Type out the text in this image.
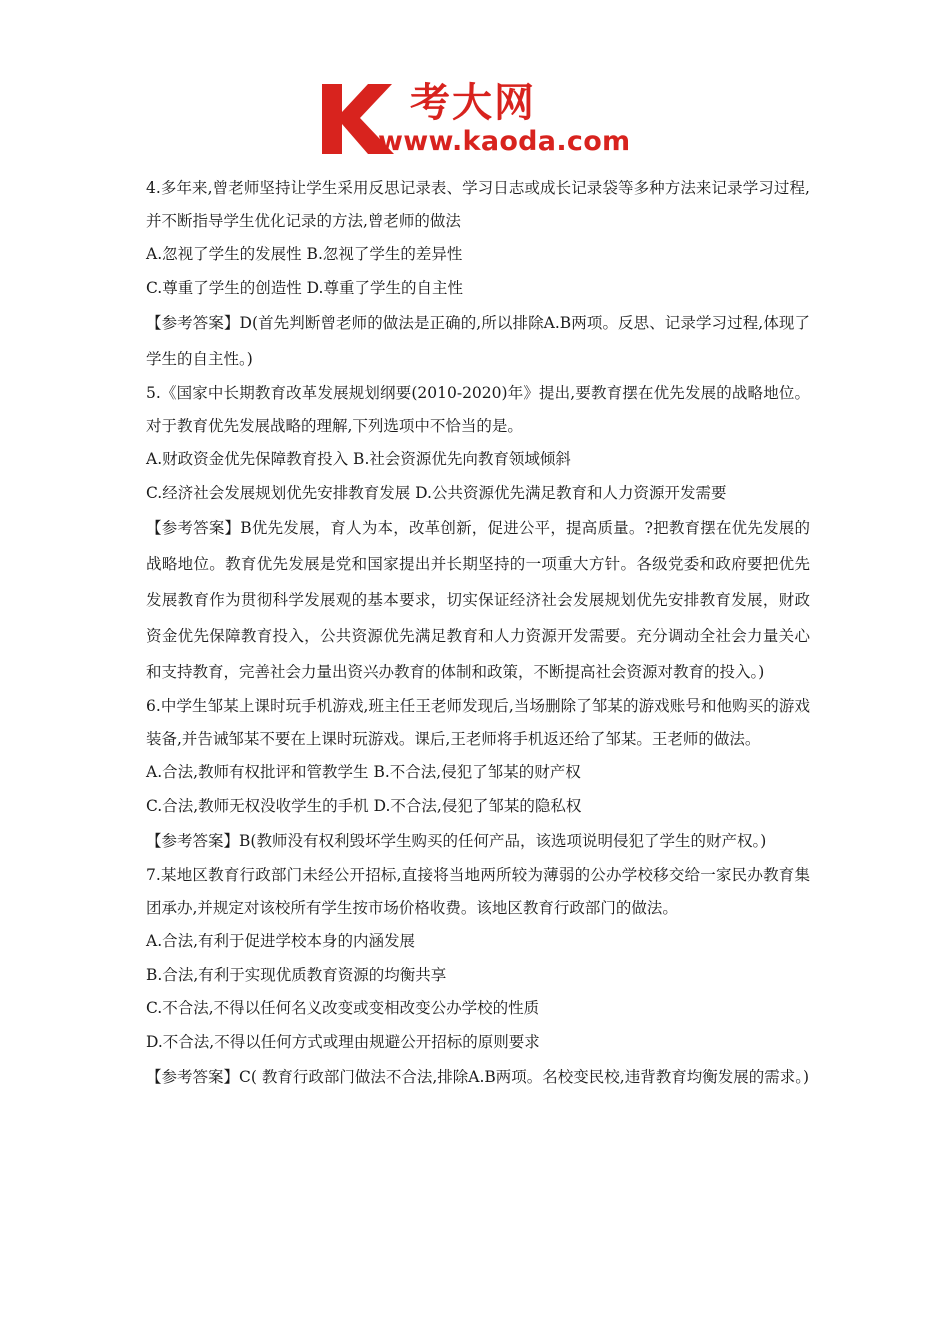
考大网
www.kaoda.com

4.多年来,曾老师坚持让学生采用反思记录表、学习日志或成长记录袋等多种方法来记录学习过程,并不断指导学生优化记录的方法,曾老师的做法

A.忽视了学生的发展性 B.忽视了学生的差异性

C.尊重了学生的创造性 D.尊重了学生的自主性

【参考答案】D(首先判断曾老师的做法是正确的,所以排除A.B两项。反思、记录学习过程,体现了学生的自主性。)

5.《国家中长期教育改革发展规划纲要(2010-2020)年》提出,要教育摆在优先发展的战略地位。对于教育优先发展战略的理解,下列选项中不恰当的是。

A.财政资金优先保障教育投入 B.社会资源优先向教育领域倾斜

C.经济社会发展规划优先安排教育发展 D.公共资源优先满足教育和人力资源开发需要

【参考答案】B优先发展，育人为本，改革创新，促进公平，提高质量。?把教育摆在优先发展的战略地位。教育优先发展是党和国家提出并长期坚持的一项重大方针。各级党委和政府要把优先发展教育作为贯彻科学发展观的基本要求，切实保证经济社会发展规划优先安排教育发展，财政资金优先保障教育投入，公共资源优先满足教育和人力资源开发需要。充分调动全社会力量关心和支持教育，完善社会力量出资兴办教育的体制和政策，不断提高社会资源对教育的投入。)

6.中学生邹某上课时玩手机游戏,班主任王老师发现后,当场删除了邹某的游戏账号和他购买的游戏装备,并告诫邹某不要在上课时玩游戏。课后,王老师将手机返还给了邹某。王老师的做法。

A.合法,教师有权批评和管教学生 B.不合法,侵犯了邹某的财产权

C.合法,教师无权没收学生的手机 D.不合法,侵犯了邹某的隐私权

【参考答案】B(教师没有权利毁坏学生购买的任何产品，该选项说明侵犯了学生的财产权。)

7.某地区教育行政部门未经公开招标,直接将当地两所较为薄弱的公办学校移交给一家民办教育集团承办,并规定对该校所有学生按市场价格收费。该地区教育行政部门的做法。

A.合法,有利于促进学校本身的内涵发展

B.合法,有利于实现优质教育资源的均衡共享

C.不合法,不得以任何名义改变或变相改变公办学校的性质

D.不合法,不得以任何方式或理由规避公开招标的原则要求

【参考答案】C( 教育行政部门做法不合法,排除A.B两项。名校变民校,违背教育均衡发展的需求。)
